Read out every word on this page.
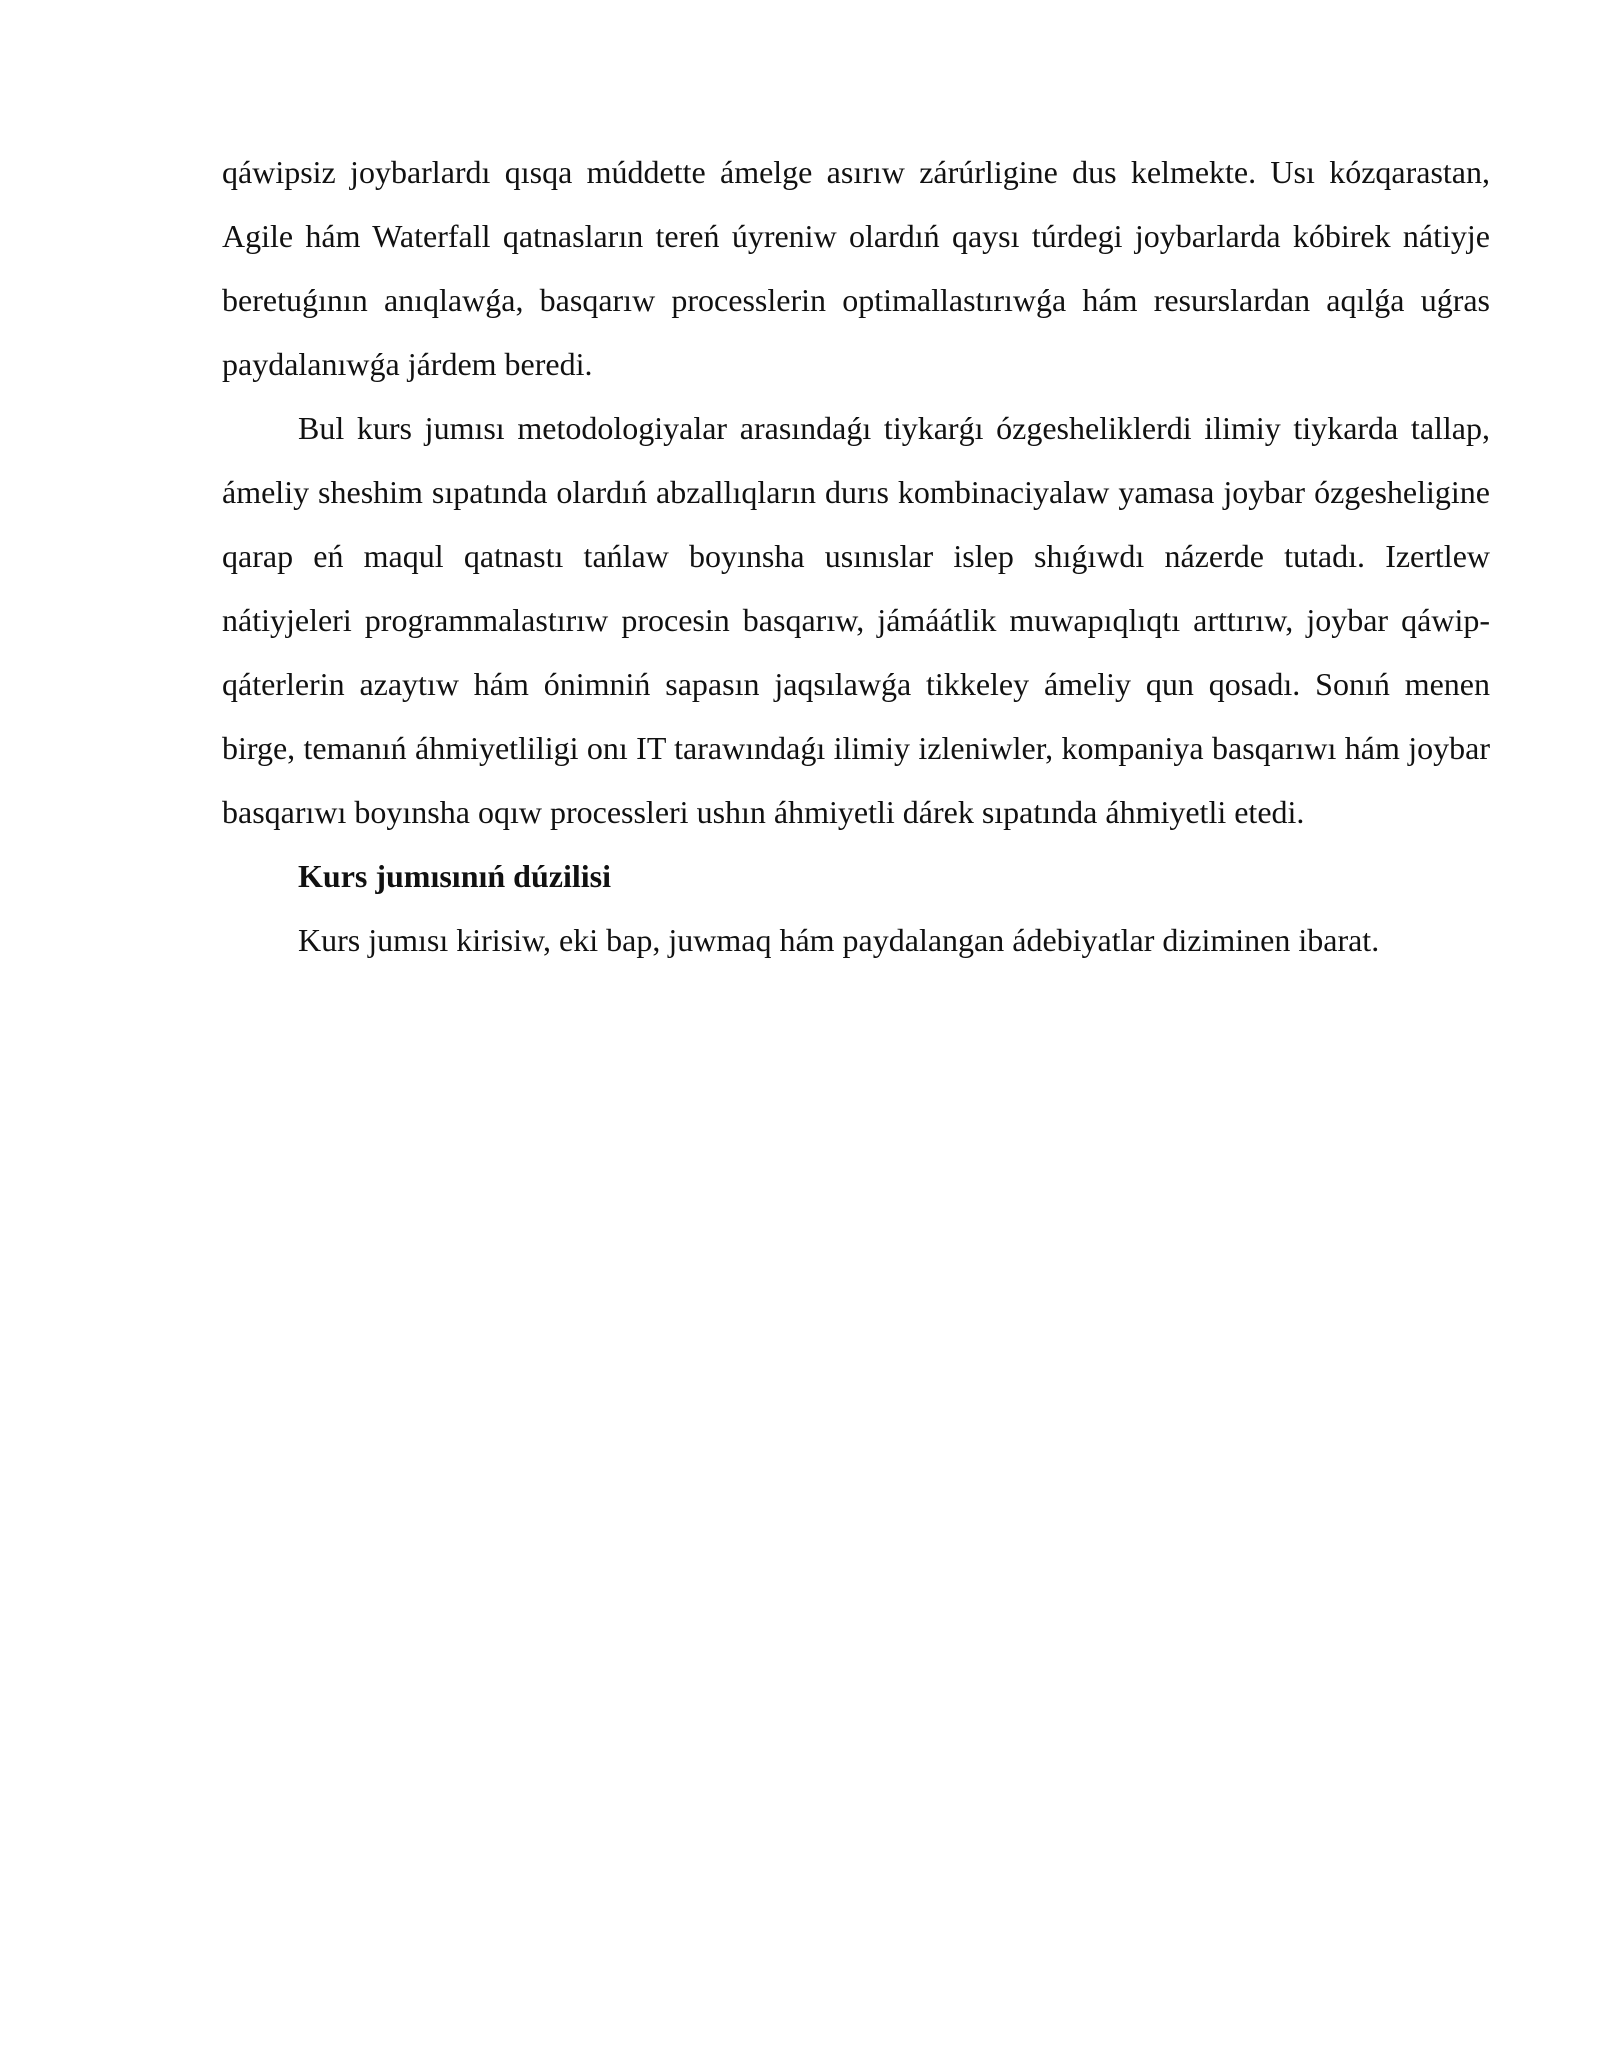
qáwipsiz joybarlardı qısqa múddette ámelge asırıw zárúrligine dus kelmekte. Usı kózqarastan, Agile hám Waterfall qatnasların tereń úyreniw olardıń qaysı túrdegi joybarlarda kóbirek nátiyje beretuǵının anıqlawǵa, basqarıw processlerin optimallastırıwǵa hám resurslardan aqılǵa uǵras paydalanıwǵa járdem beredi.

Bul kurs jumısı metodologiyalar arasındaǵı tiykarǵı ózgesheliklerdi ilimiy tiykarda tallap, ámeliy sheshim sıpatında olardıń abzallıqların durıs kombinaciyalaw yamasa joybar ózgesheligine qarap eń maqul qatnastı tańlaw boyınsha usınıslar islep shıǵıwdı názerde tutadı. Izertlew nátiyjeleri programmalastırıw procesin basqarıw, jámáátlik muwapıqlıqtı arttırıw, joybar qáwip-qáterlerin azaytıw hám ónimniń sapasın jaqsılawǵa tikkeley ámeliy qun qosadı. Sonıń menen birge, temanıń áhmiyetliligi onı IT tarawındaǵı ilimiy izleniwler, kompaniya basqarıwı hám joybar basqarıwı boyınsha oqıw processleri ushın áhmiyetli dárek sıpatında áhmiyetli etedi.

Kurs jumısınıń dúzilisi

Kurs jumısı kirisiw, eki bap, juwmaq hám paydalangan ádebiyatlar diziminen ibarat.
